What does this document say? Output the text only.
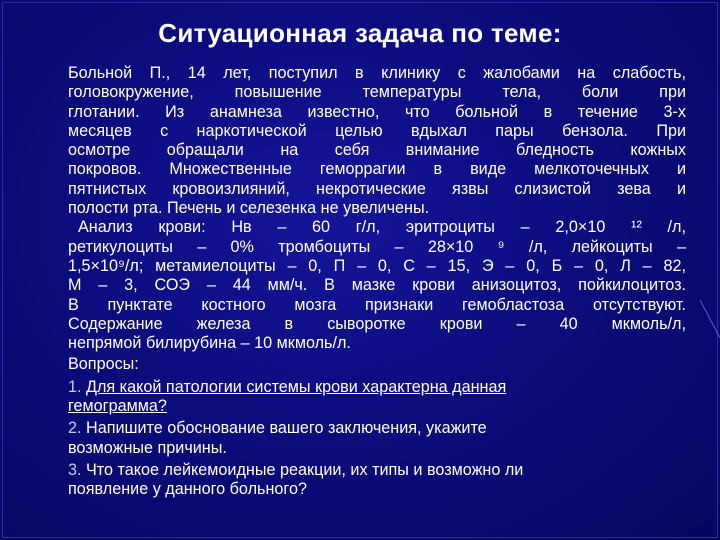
Ситуационная задача по теме:
Больной П., 14 лет, поступил в клинику с жалобами на слабость,
головокружение, повышение температуры тела, боли при
глотании. Из анамнеза известно, что больной в течение 3-х
месяцев с наркотической целью вдыхал пары бензола. При
осмотре обращали на себя внимание бледность кожных
покровов. Множественные геморрагии в виде мелкоточечных и
пятнистых кровоизлияний, некротические язвы слизистой зева и
полости рта. Печень и селезенка не увеличены.
Анализ крови: Нв – 60 г/л, эритроциты – 2,0×10 ¹² /л,
ретикулоциты – 0% тромбоциты – 28×10 ⁹ /л, лейкоциты –
1,5×10⁹/л; метамиелоциты – 0, П – 0, С – 15, Э – 0, Б – 0, Л – 82,
М – 3, СОЭ – 44 мм/ч. В мазке крови анизоцитоз, пойкилоцитоз.
В пунктате костного мозга признаки гемобластоза отсутствуют.
Содержание железа в сыворотке крови – 40 мкмоль/л,
непрямой билирубина – 10 мкмоль/л.
Вопросы:
1. Для какой патологии системы крови характерна данная
гемограмма?
2. Напишите обоснование вашего заключения, укажите
возможные причины.
3. Что такое лейкемоидные реакции, их типы и возможно ли
появление у данного больного?
